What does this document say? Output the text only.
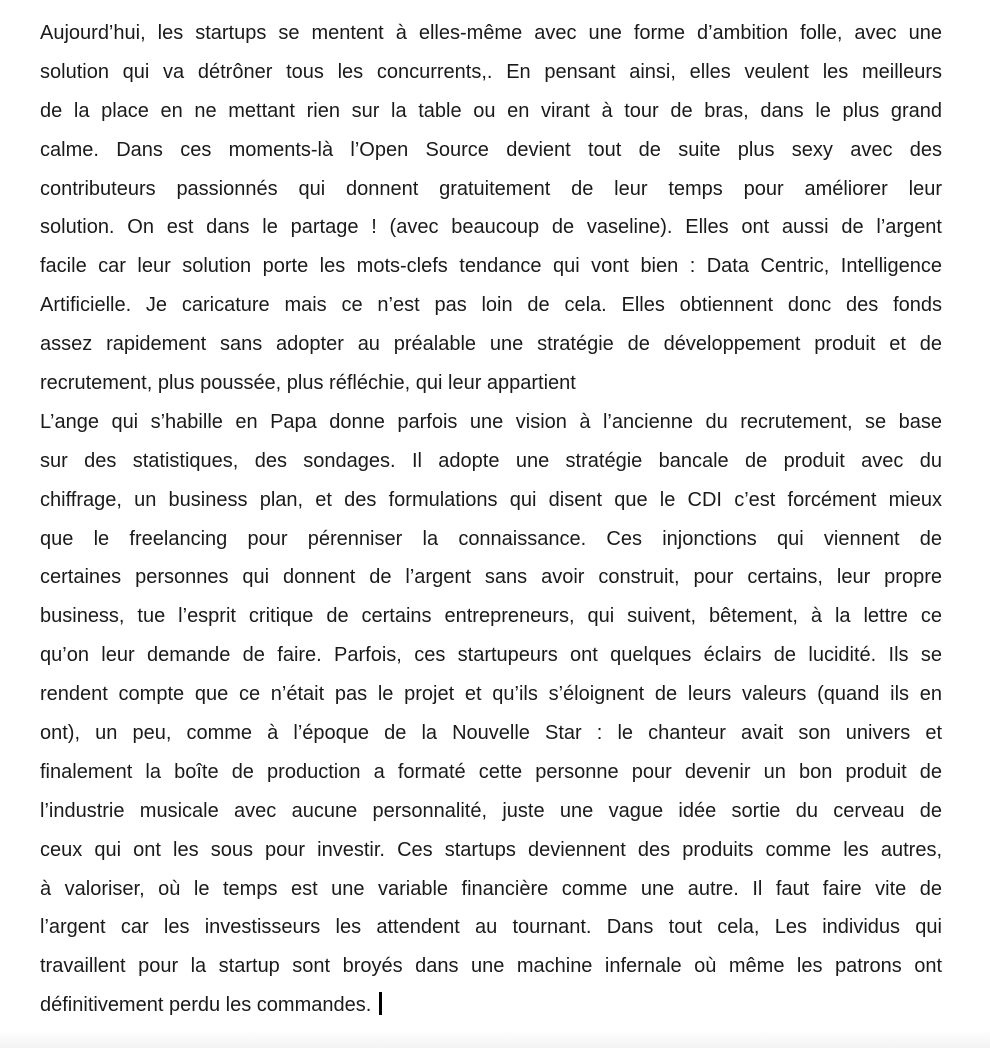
Aujourd’hui, les startups se mentent à elles-même avec une forme d’ambition folle, avec une
solution qui va détrôner tous les concurrents,. En pensant ainsi, elles veulent les meilleurs
de la place en ne mettant rien sur la table ou en virant à tour de bras, dans le plus grand
calme. Dans ces moments-là l’Open Source devient tout de suite plus sexy avec des
contributeurs passionnés qui donnent gratuitement de leur temps pour améliorer leur
solution. On est dans le partage ! (avec beaucoup de vaseline). Elles ont aussi de l’argent
facile car leur solution porte les mots-clefs tendance qui vont bien : Data Centric, Intelligence
Artificielle. Je caricature mais ce n’est pas loin de cela. Elles obtiennent donc des fonds
assez rapidement sans adopter au préalable une stratégie de développement produit et de
recrutement, plus poussée, plus réfléchie, qui leur appartient
L’ange qui s’habille en Papa donne parfois une vision à l’ancienne du recrutement, se base
sur des statistiques, des sondages. Il adopte une stratégie bancale de produit avec du
chiffrage, un business plan, et des formulations qui disent que le CDI c’est forcément mieux
que le freelancing pour pérenniser la connaissance. Ces injonctions qui viennent de
certaines personnes qui donnent de l’argent sans avoir construit, pour certains, leur propre
business, tue l’esprit critique de certains entrepreneurs, qui suivent, bêtement, à la lettre ce
qu’on leur demande de faire. Parfois, ces startupeurs ont quelques éclairs de lucidité. Ils se
rendent compte que ce n’était pas le projet et qu’ils s’éloignent de leurs valeurs (quand ils en
ont), un peu, comme à l’époque de la Nouvelle Star : le chanteur avait son univers et
finalement la boîte de production a formaté cette personne pour devenir un bon produit de
l’industrie musicale avec aucune personnalité, juste une vague idée sortie du cerveau de
ceux qui ont les sous pour investir. Ces startups deviennent des produits comme les autres,
à valoriser, où le temps est une variable financière comme une autre. Il faut faire vite de
l’argent car les investisseurs les attendent au tournant. Dans tout cela, Les individus qui
travaillent pour la startup sont broyés dans une machine infernale où même les patrons ont
définitivement perdu les commandes.
